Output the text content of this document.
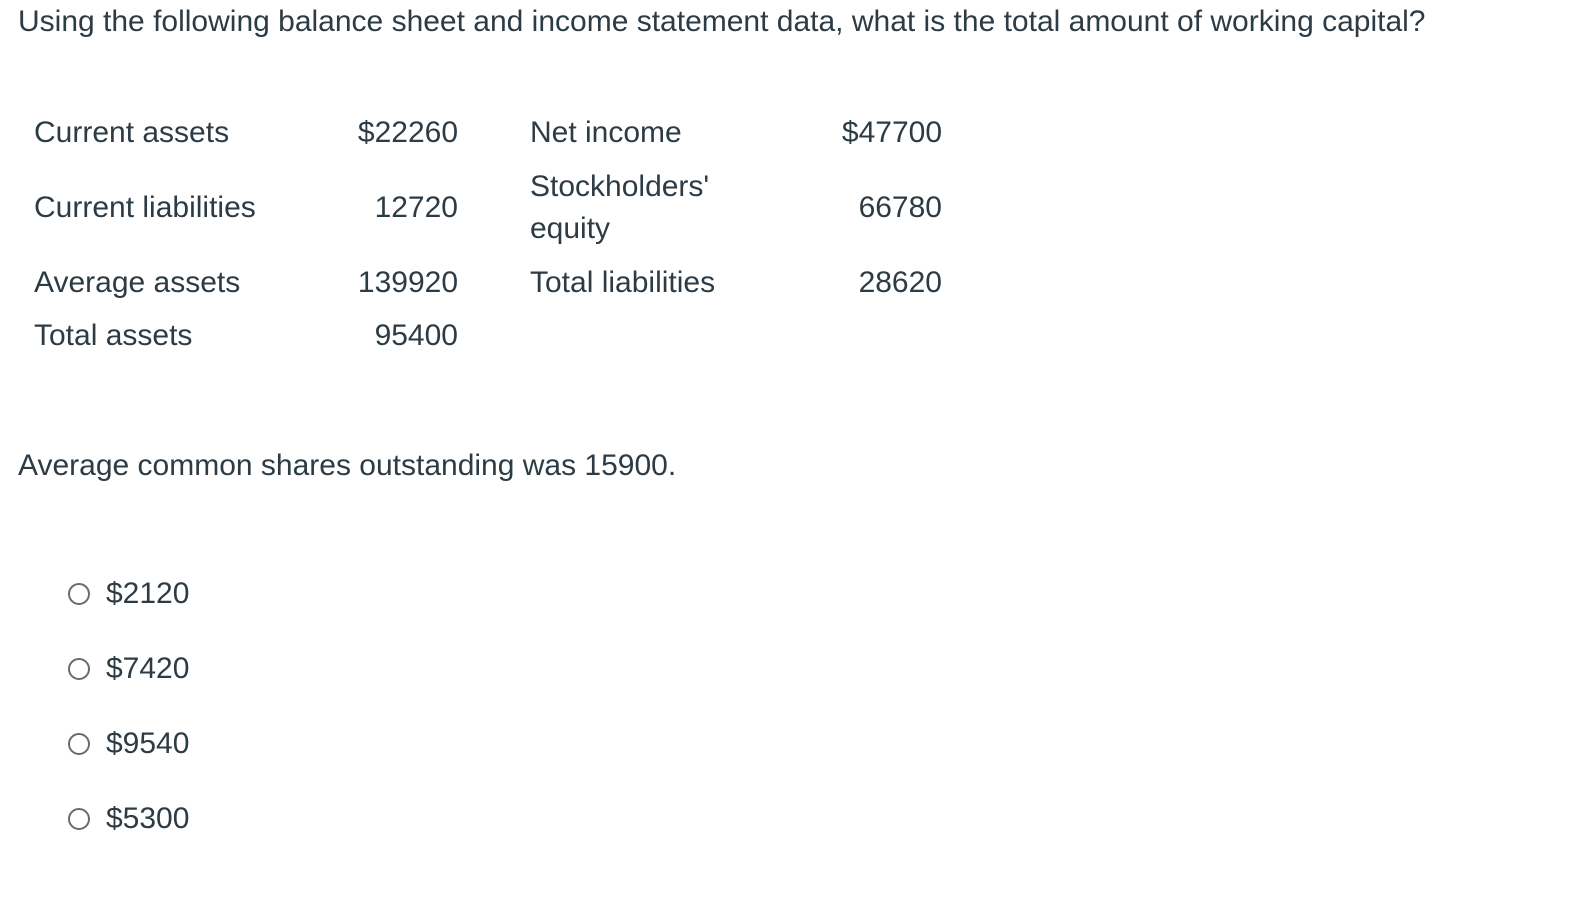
Using the following balance sheet and income statement data, what is the total amount of working capital?
Current assets	$22260	Net income	$47700
Current liabilities	12720	Stockholders' equity	66780
Average assets	139920	Total liabilities	28620
Total assets	95400		
Average common shares outstanding was 15900.
$2120
$7420
$9540
$5300
